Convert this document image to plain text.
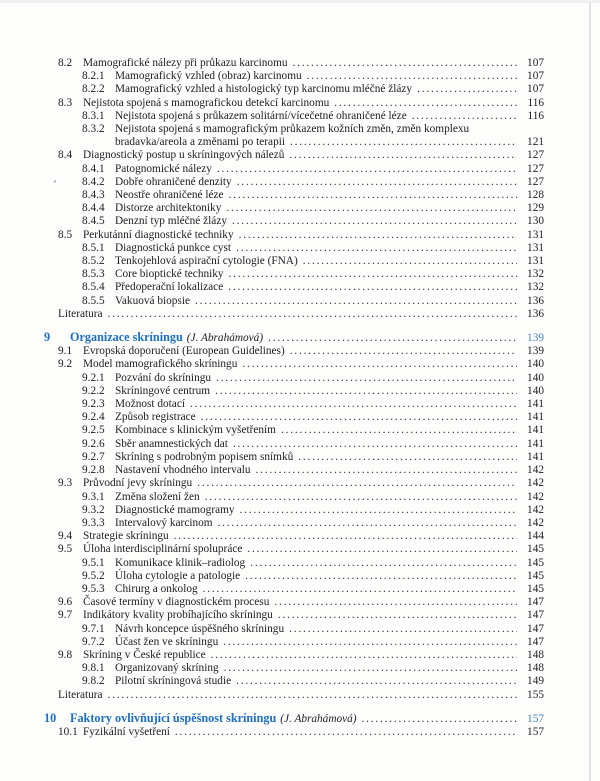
8.2 Mamografické nálezy při průkazu karcinomu .....	107
8.2.1 Mamografický vzhled (obraz) karcinomu .....	107
8.2.2 Mamografický vzhled a histologický typ karcinomu mléčné žlázy .....	107
8.3 Nejistota spojená s mamografickou detekcí karcinomu .....	116
8.3.1 Nejistota spojená s průkazem solitární/vícečetné ohraničené léze .....	116
8.3.2 Nejistota spojená s mamografickým průkazem kožních změn, změn komplexu
bradavka/areola a změnami po terapii .....	121
8.4 Diagnostický postup u skríningových nálezů .....	127
8.4.1 Patognomické nálezy .....	127
8.4.2 Dobře ohraničené denzity .....	127
8.4.3 Neostře ohraničené léze .....	128
8.4.4 Distorze architektoniky .....	129
8.4.5 Denzní typ mléčné žlázy .....	130
8.5 Perkutánní diagnostické techniky .....	131
8.5.1 Diagnostická punkce cyst .....	131
8.5.2 Tenkojehlová aspirační cytologie (FNA) .....	131
8.5.3 Core bioptické techniky .....	132
8.5.4 Předoperační lokalizace .....	132
8.5.5 Vakuová biopsie .....	136
Literatura .....	136
9	Organizace skríningu (J. Abrahámová) .....	139
9.1 Evropská doporučení (European Guidelines) .....	139
9.2 Model mamografického skríningu .....	140
9.2.1 Pozvání do skríningu .....	140
9.2.2 Skríningové centrum .....	140
9.2.3 Možnost dotací .....	141
9.2.4 Způsob registrace .....	141
9.2.5 Kombinace s klinickým vyšetřením .....	141
9.2.6 Sběr anamnestických dat .....	141
9.2.7 Skríning s podrobným popisem snímků .....	141
9.2.8 Nastavení vhodného intervalu .....	142
9.3 Průvodní jevy skríningu .....	142
9.3.1 Změna složení žen .....	142
9.3.2 Diagnostické mamogramy .....	142
9.3.3 Intervalový karcinom .....	142
9.4 Strategie skríningu .....	144
9.5 Úloha interdisciplinární spolupráce .....	145
9.5.1 Komunikace klinik–radiolog .....	145
9.5.2 Úloha cytologie a patologie .....	145
9.5.3 Chirurg a onkolog .....	145
9.6 Časové termíny v diagnostickém procesu .....	147
9.7 Indikátory kvality probíhajícího skríningu .....	147
9.7.1 Návrh koncepce úspěšného skríningu .....	147
9.7.2 Účast žen ve skríningu .....	147
9.8 Skríning v České republice .....	148
9.8.1 Organizovaný skríning .....	148
9.8.2 Pilotní skríningová studie .....	149
Literatura .....	155
10	Faktory ovlivňující úspěšnost skríningu (J. Abrahámová) .....	157
10.1 Fyzikální vyšetření .....	157
